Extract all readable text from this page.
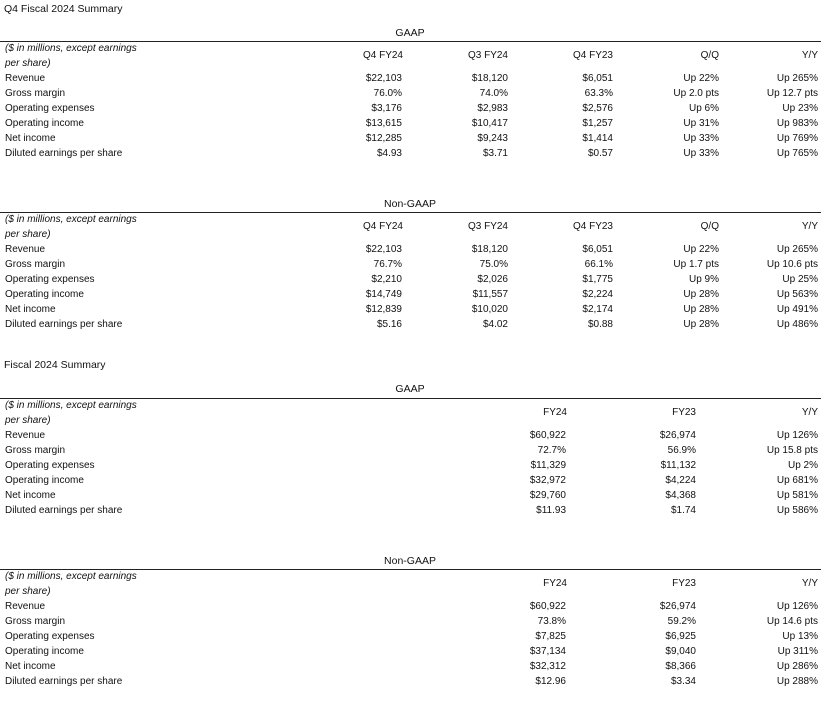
Q4 Fiscal 2024 Summary
GAAP
($ in millions, except earnings
per share)
Q4 FY24	Q3 FY24	Q4 FY23	Q/Q	Y/Y
Revenue	$22,103	$18,120	$6,051	Up 22%	Up 265%
Gross margin	76.0%	74.0%	63.3%	Up 2.0 pts	Up 12.7 pts
Operating expenses	$3,176	$2,983	$2,576	Up 6%	Up 23%
Operating income	$13,615	$10,417	$1,257	Up 31%	Up 983%
Net income	$12,285	$9,243	$1,414	Up 33%	Up 769%
Diluted earnings per share	$4.93	$3.71	$0.57	Up 33%	Up 765%
Non-GAAP
($ in millions, except earnings
per share)
Q4 FY24	Q3 FY24	Q4 FY23	Q/Q	Y/Y
Revenue	$22,103	$18,120	$6,051	Up 22%	Up 265%
Gross margin	76.7%	75.0%	66.1%	Up 1.7 pts	Up 10.6 pts
Operating expenses	$2,210	$2,026	$1,775	Up 9%	Up 25%
Operating income	$14,749	$11,557	$2,224	Up 28%	Up 563%
Net income	$12,839	$10,020	$2,174	Up 28%	Up 491%
Diluted earnings per share	$5.16	$4.02	$0.88	Up 28%	Up 486%
Fiscal 2024 Summary
GAAP
($ in millions, except earnings
per share)
FY24	FY23	Y/Y
Revenue	$60,922	$26,974	Up 126%
Gross margin	72.7%	56.9%	Up 15.8 pts
Operating expenses	$11,329	$11,132	Up 2%
Operating income	$32,972	$4,224	Up 681%
Net income	$29,760	$4,368	Up 581%
Diluted earnings per share	$11.93	$1.74	Up 586%
Non-GAAP
($ in millions, except earnings
per share)
FY24	FY23	Y/Y
Revenue	$60,922	$26,974	Up 126%
Gross margin	73.8%	59.2%	Up 14.6 pts
Operating expenses	$7,825	$6,925	Up 13%
Operating income	$37,134	$9,040	Up 311%
Net income	$32,312	$8,366	Up 286%
Diluted earnings per share	$12.96	$3.34	Up 288%
